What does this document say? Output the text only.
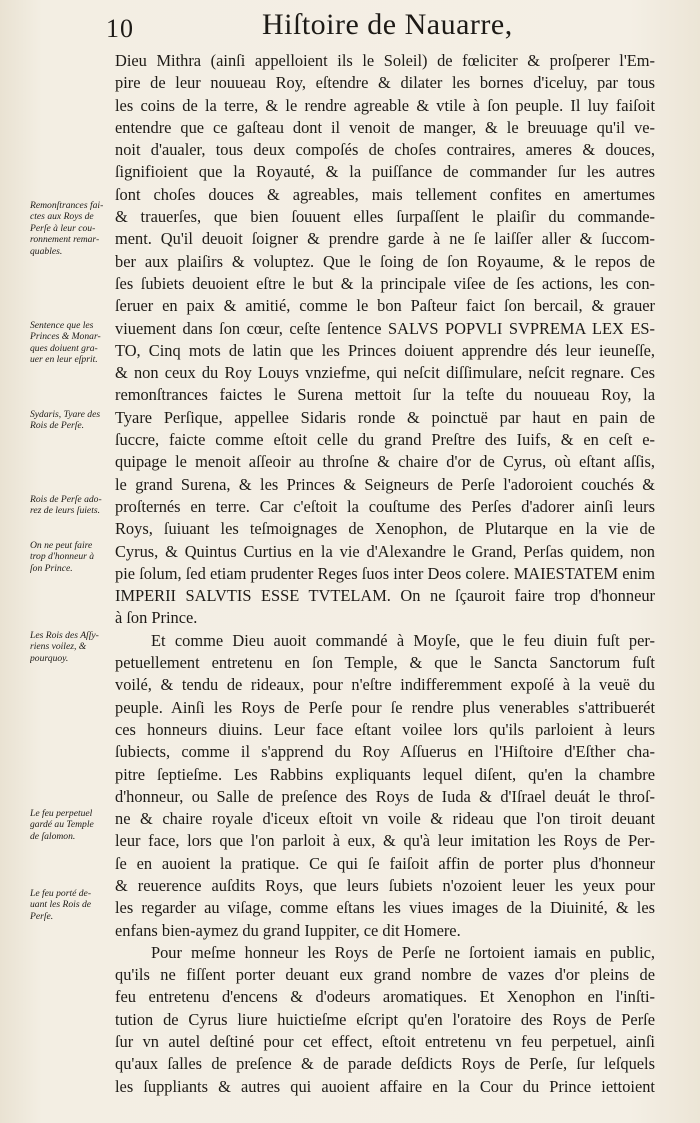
10	Hiſtoire de Nauarre,
Dieu Mithra (ainſi appelloient ils le Soleil) de fœliciter & proſperer l'Em-
pire de leur nouueau Roy, eſtendre & dilater les bornes d'iceluy, par tous
les coins de la terre, & le rendre agreable & vtile à ſon peuple. Il luy faiſoit
entendre que ce gaſteau dont il venoit de manger, & le breuuage qu'il ve-
noit d'aualer, tous deux compoſés de choſes contraires, ameres & douces,
ſignifioient que la Royauté, & la puiſſance de commander ſur les autres
ſont choſes douces & agreables, mais tellement confites en amertumes
& trauerſes, que bien ſouuent elles ſurpaſſent le plaiſir du commande-
ment. Qu'il deuoit ſoigner & prendre garde à ne ſe laiſſer aller & ſuccom-
ber aux plaiſirs & voluptez. Que le ſoing de ſon Royaume, & le repos de
ſes ſubiets deuoient eſtre le but & la principale viſee de ſes actions, les con-
ſeruer en paix & amitié, comme le bon Paſteur faict ſon bercail, & grauer
viuement dans ſon cœur, ceſte ſentence SALVS POPVLI SVPREMA LEX ES-
TO, Cinq mots de latin que les Princes doiuent apprendre dés leur ieuneſſe,
& non ceux du Roy Louys vnziefme, qui neſcit diſſimulare, neſcit regnare. Ces
remonſtrances faictes le Surena mettoit ſur la teſte du nouueau Roy, la
Tyare Perſique, appellee Sidaris ronde & poinctuë par haut en pain de
ſuccre, faicte comme eſtoit celle du grand Preſtre des Iuifs, & en ceſt e-
quipage le menoit aſſeoir au throſne & chaire d'or de Cyrus, où eſtant aſſis,
le grand Surena, & les Princes & Seigneurs de Perſe l'adoroient couchés &
proſternés en terre. Car c'eſtoit la couſtume des Perſes d'adorer ainſi leurs
Roys, ſuiuant les teſmoignages de Xenophon, de Plutarque en la vie de
Cyrus, & Quintus Curtius en la vie d'Alexandre le Grand, Perſas quidem, non
pie ſolum, ſed etiam prudenter Reges ſuos inter Deos colere. MAIESTATEM enim
IMPERII SALVTIS ESSE TVTELAM. On ne ſçauroit faire trop d'honneur
à ſon Prince.
Et comme Dieu auoit commandé à Moyſe, que le feu diuin fuſt per-
petuellement entretenu en ſon Temple, & que le Sancta Sanctorum fuſt
voilé, & tendu de rideaux, pour n'eſtre indifferemment expoſé à la veuë du
peuple. Ainſi les Roys de Perſe pour ſe rendre plus venerables s'attribuerét
ces honneurs diuins. Leur face eſtant voilee lors qu'ils parloient à leurs
ſubiects, comme il s'apprend du Roy Aſſuerus en l'Hiſtoire d'Eſther cha-
pitre ſeptieſme. Les Rabbins expliquants lequel diſent, qu'en la chambre
d'honneur, ou Salle de preſence des Roys de Iuda & d'Iſrael deuát le throſ-
ne & chaire royale d'iceux eſtoit vn voile & rideau que l'on tiroit deuant
leur face, lors que l'on parloit à eux, & qu'à leur imitation les Roys de Per-
ſe en auoient la pratique. Ce qui ſe faiſoit affin de porter plus d'honneur
& reuerence auſdits Roys, que leurs ſubiets n'ozoient leuer les yeux pour
les regarder au viſage, comme eſtans les viues images de la Diuinité, & les
enfans bien-aymez du grand Iuppiter, ce dit Homere.
Pour meſme honneur les Roys de Perſe ne ſortoient iamais en public,
qu'ils ne fiſſent porter deuant eux grand nombre de vazes d'or pleins de
feu entretenu d'encens & d'odeurs aromatiques. Et Xenophon en l'inſti-
tution de Cyrus liure huictieſme eſcript qu'en l'oratoire des Roys de Perſe
ſur vn autel deſtiné pour cet effect, eſtoit entretenu vn feu perpetuel, ainſi
qu'aux ſalles de preſence & de parade deſdicts Roys de Perſe, ſur leſquels
les ſuppliants & autres qui auoient affaire en la Cour du Prince iettoient
Remonſtrances fai-
ctes aux Roys de
Perſe à leur cou-
ronnement remar-
quables.
Sentence que les
Princes & Monar-
ques doiuent gra-
uer en leur eſprit.
Sydaris, Tyare des
Rois de Perſe.
Rois de Perſe ado-
rez de leurs ſuiets.
On ne peut faire
trop d'honneur à
ſon Prince.
Les Rois des Aſſy-
riens voilez, &
pourquoy.
Le feu perpetuel
gardé au Temple
de ſalomon.
Le feu porté de-
uant les Rois de
Perſe.
